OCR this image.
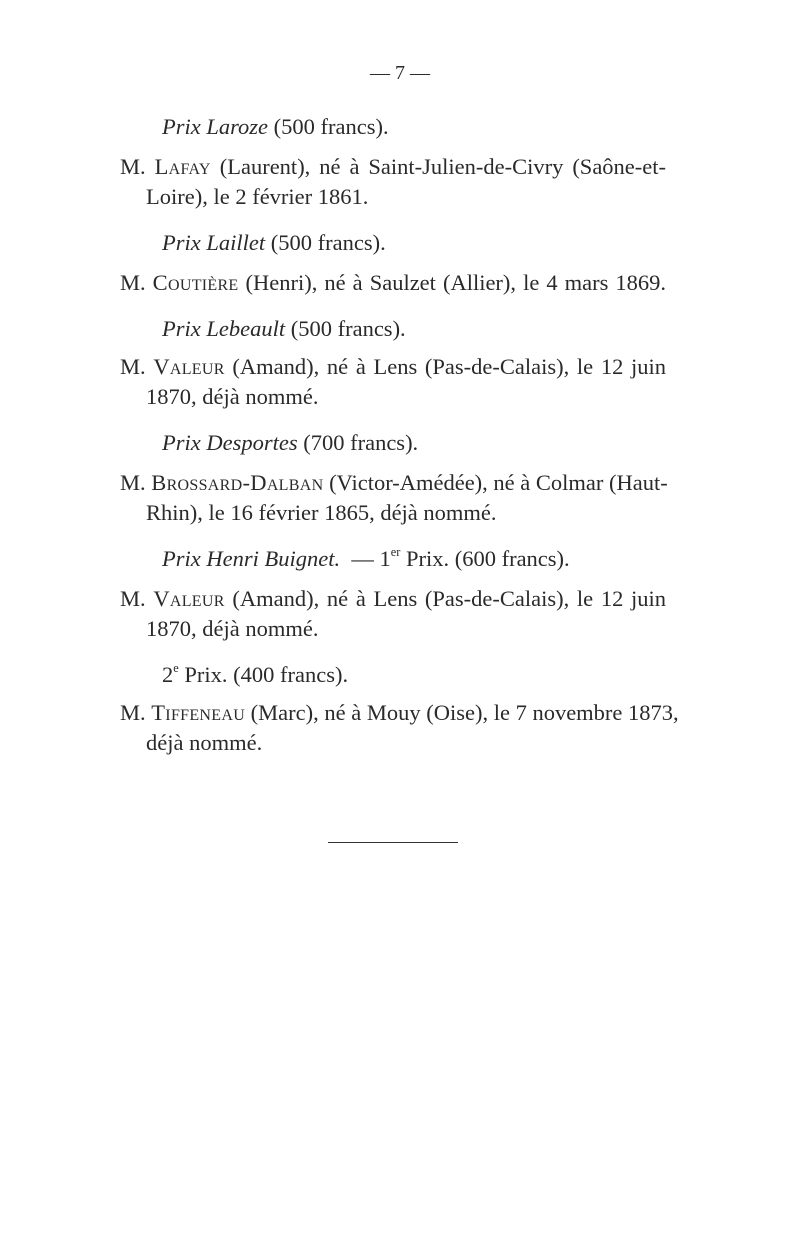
— 7 —
Prix Laroze (500 francs).
M. Lafay (Laurent), né à Saint-Julien-de-Civry (Saône-et-
Loire), le 2 février 1861.
Prix Laillet (500 francs).
M. Coutière (Henri), né à Saulzet (Allier), le 4 mars 1869.
Prix Lebeault (500 francs).
M. Valeur (Amand), né à Lens (Pas-de-Calais), le 12 juin
1870, déjà nommé.
Prix Desportes (700 francs).
M. Brossard-Dalban (Victor-Amédée), né à Colmar (Haut-
Rhin), le 16 février 1865, déjà nommé.
Prix Henri Buignet. — 1er Prix. (600 francs).
M. Valeur (Amand), né à Lens (Pas-de-Calais), le 12 juin
1870, déjà nommé.
2e Prix. (400 francs).
M. Tiffeneau (Marc), né à Mouy (Oise), le 7 novembre 1873,
déjà nommé.
